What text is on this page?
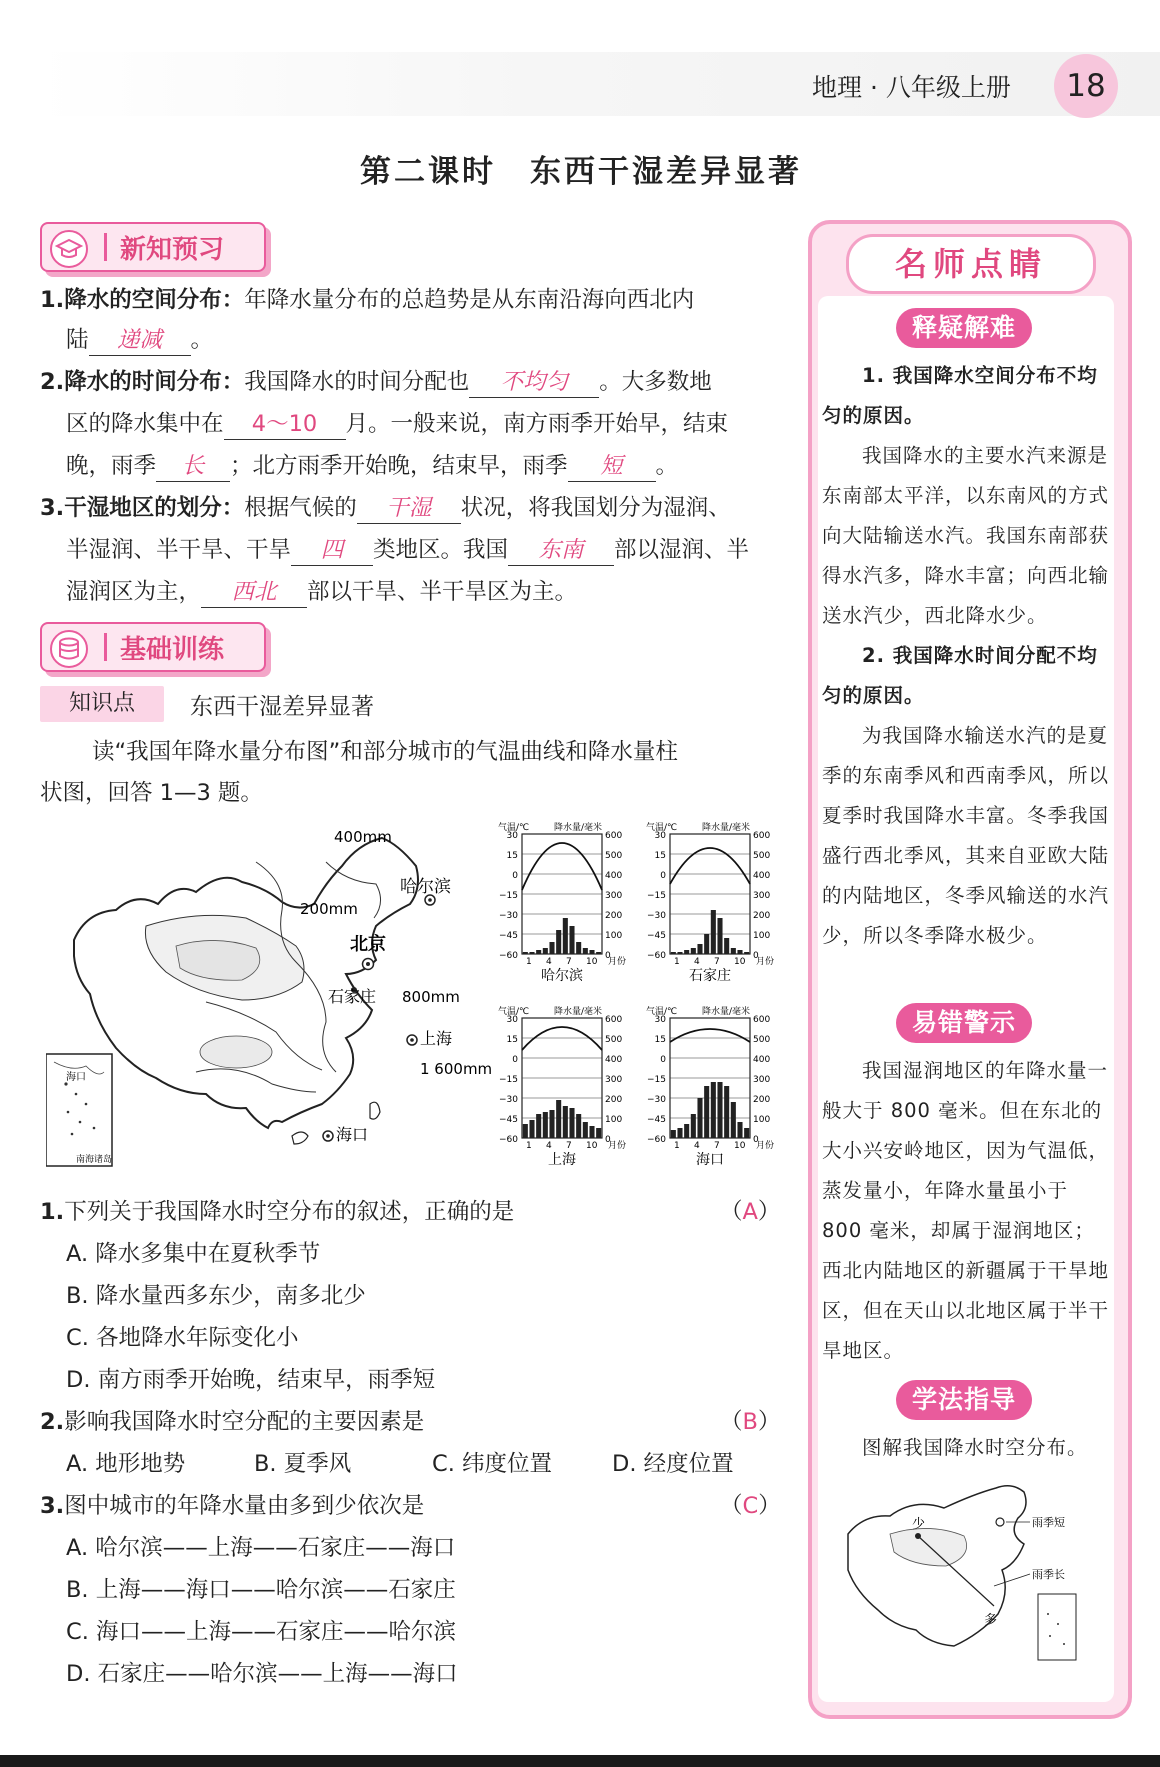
地理 · 八年级上册	18
第二课时 东西干湿差异显著
新知预习
1.降水的空间分布：年降水量分布的总趋势是从东南沿海向西北内
陆 递减 。
2.降水的时间分布：我国降水的时间分配也 不均匀 。大多数地
区的降水集中在 4～10 月。一般来说，南方雨季开始早，结束
晚，雨季 长 ；北方雨季开始晚，结束早，雨季 短 。
3.干湿地区的划分：根据气候的 干湿 状况，将我国划分为湿润、
半湿润、半干旱、干旱 四 类地区。我国 东南 部以湿润、半
湿润区为主， 西北 部以干旱、半干旱区为主。
基础训练
知识点	东西干湿差异显著
读“我国年降水量分布图”和部分城市的气温曲线和降水量柱
状图，回答 1—3 题。
海口
南海诸岛
400mm
200mm
800mm
1 600mm
哈尔滨
北京
石家庄
上海
海口
气温/℃	降水量/毫米
30
15
0
−15
−30
−45
−60
600
500
400
300
200
100
0
1 4 7 10 月份
哈尔滨
气温/℃	降水量/毫米
30
15
0
−15
−30
−45
−60
600
500
400
300
200
100
0
1 4 7 10 月份
石家庄
气温/℃	降水量/毫米
30
15
0
−15
−30
−45
−60
600
500
400
300
200
100
0
1 4 7 10 月份
上海
气温/℃	降水量/毫米
30
15
0
−15
−30
−45
−60
600
500
400
300
200
100
0
1 4 7 10 月份
海口
1.下列关于我国降水时空分布的叙述，正确的是	（A）
A. 降水多集中在夏秋季节
B. 降水量西多东少，南多北少
C. 各地降水年际变化小
D. 南方雨季开始晚，结束早，雨季短
2.影响我国降水时空分配的主要因素是	（B）
A. 地形地势	B. 夏季风	C. 纬度位置	D. 经度位置
3.图中城市的年降水量由多到少依次是	（C）
A. 哈尔滨——上海——石家庄——海口
B. 上海——海口——哈尔滨——石家庄
C. 海口——上海——石家庄——哈尔滨
D. 石家庄——哈尔滨——上海——海口
名师点睛
释疑解难

1. 我国降水空间分布不均匀的原因。

我国降水的主要水汽来源是东南部太平洋，以东南风的方式向大陆输送水汽。我国东南部获得水汽多，降水丰富；向西北输送水汽少，西北降水少。

2. 我国降水时间分配不均匀的原因。

为我国降水输送水汽的是夏季的东南季风和西南季风，所以夏季时我国降水丰富。冬季我国盛行西北季风，其来自亚欧大陆的内陆地区，冬季风输送的水汽少，所以冬季降水极少。

易错警示

我国湿润地区的年降水量一般大于 800 毫米。但在东北的大小兴安岭地区，因为气温低，蒸发量小，年降水量虽小于 800 毫米，却属于湿润地区；西北内陆地区的新疆属于干旱地区，但在天山以北地区属于半干旱地区。

学法指导

图解我国降水时空分布。

少
多
雨季短
雨季长
